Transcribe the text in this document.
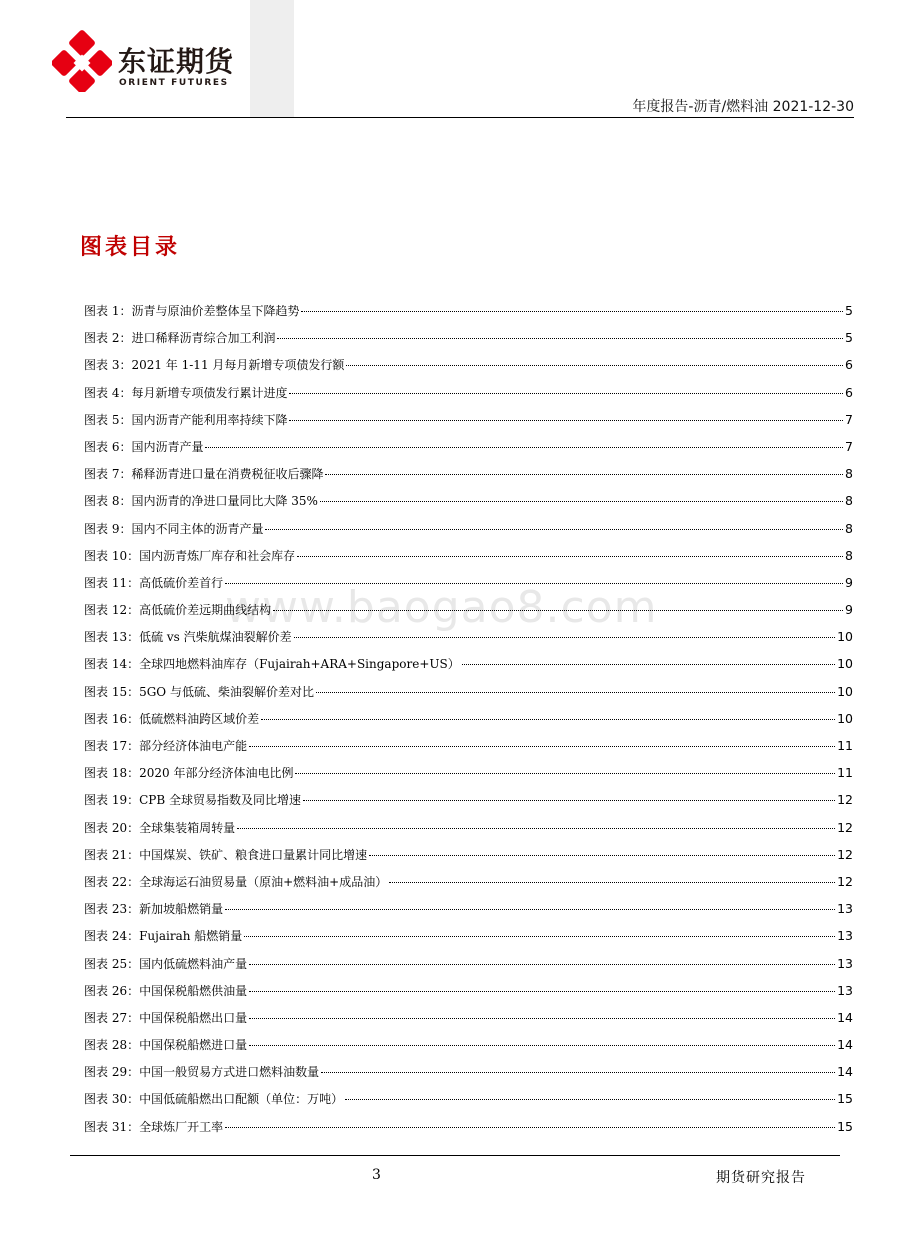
东证期货
ORIENT FUTURES
年度报告-沥青/燃料油 2021-12-30
图表目录
www.baogao8.com
图表 1：沥青与原油价差整体呈下降趋势	5
图表 2：进口稀释沥青综合加工利润	5
图表 3：2021 年 1-11 月每月新增专项债发行额	6
图表 4：每月新增专项债发行累计进度	6
图表 5：国内沥青产能利用率持续下降	7
图表 6：国内沥青产量	7
图表 7：稀释沥青进口量在消费税征收后骤降	8
图表 8：国内沥青的净进口量同比大降 35%	8
图表 9：国内不同主体的沥青产量	8
图表 10：国内沥青炼厂库存和社会库存	8
图表 11：高低硫价差首行	9
图表 12：高低硫价差远期曲线结构	9
图表 13：低硫 vs 汽柴航煤油裂解价差	10
图表 14：全球四地燃料油库存（Fujairah+ARA+Singapore+US）	10
图表 15：5GO 与低硫、柴油裂解价差对比	10
图表 16：低硫燃料油跨区域价差	10
图表 17：部分经济体油电产能	11
图表 18：2020 年部分经济体油电比例	11
图表 19：CPB 全球贸易指数及同比增速	12
图表 20：全球集装箱周转量	12
图表 21：中国煤炭、铁矿、粮食进口量累计同比增速	12
图表 22：全球海运石油贸易量（原油+燃料油+成品油）	12
图表 23：新加坡船燃销量	13
图表 24：Fujairah 船燃销量	13
图表 25：国内低硫燃料油产量	13
图表 26：中国保税船燃供油量	13
图表 27：中国保税船燃出口量	14
图表 28：中国保税船燃进口量	14
图表 29：中国一般贸易方式进口燃料油数量	14
图表 30：中国低硫船燃出口配额（单位：万吨）	15
图表 31：全球炼厂开工率	15
3	期货研究报告
